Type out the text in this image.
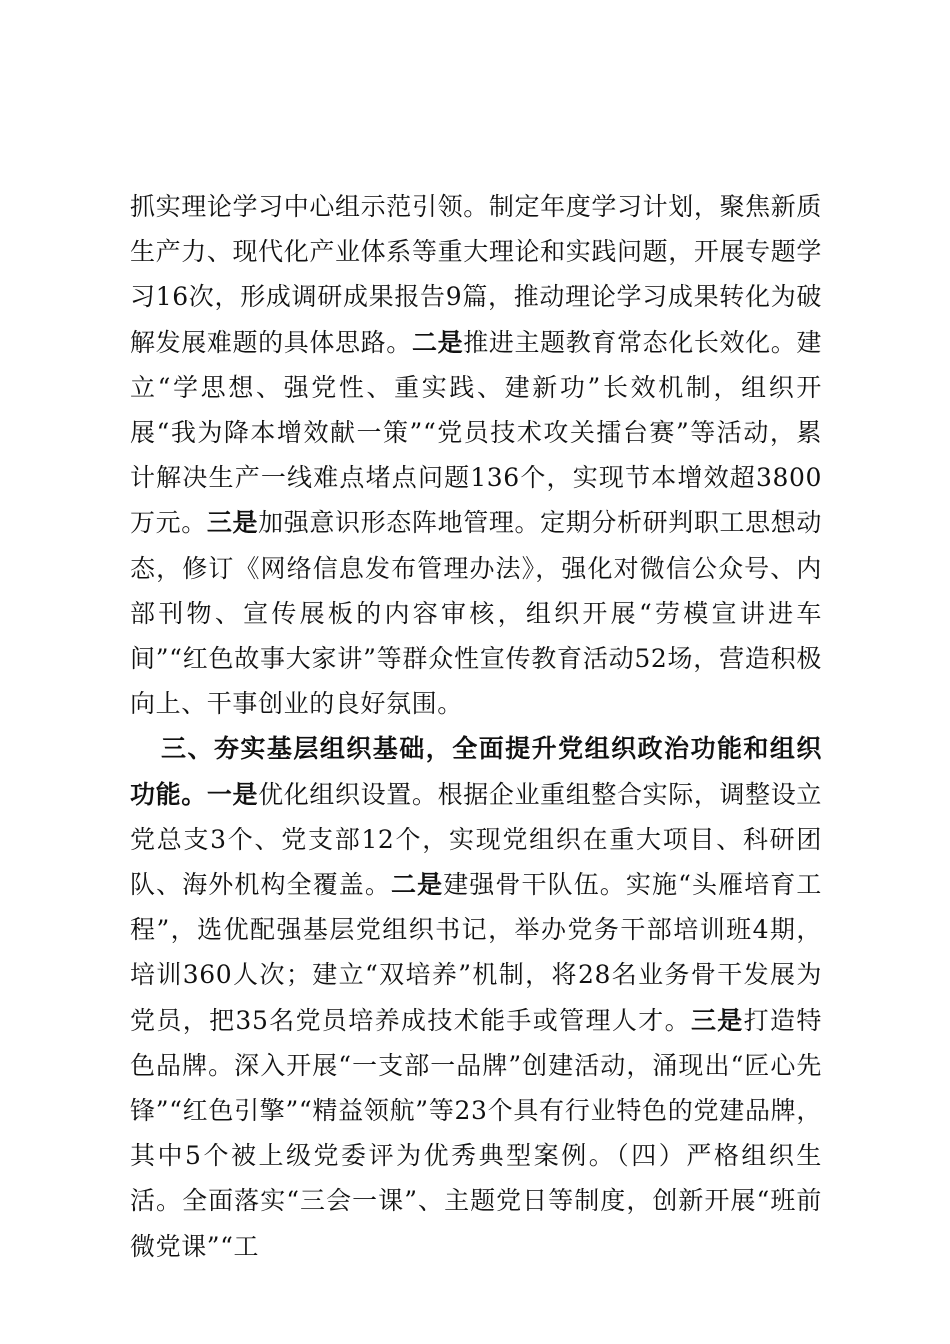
抓实理论学习中心组示范引领。制定年度学习计划，聚焦新质生产力、现代化产业体系等重大理论和实践问题，开展专题学习16次，形成调研成果报告9篇，推动理论学习成果转化为破解发展难题的具体思路。二是推进主题教育常态化长效化。建立“学思想、强党性、重实践、建新功”长效机制，组织开展“我为降本增效献一策”“党员技术攻关擂台赛”等活动，累计解决生产一线难点堵点问题136个，实现节本增效超3800万元。三是加强意识形态阵地管理。定期分析研判职工思想动态，修订《网络信息发布管理办法》，强化对微信公众号、内部刊物、宣传展板的内容审核，组织开展“劳模宣讲进车间”“红色故事大家讲”等群众性宣传教育活动52场，营造积极向上、干事创业的良好氛围。

三、夯实基层组织基础，全面提升党组织政治功能和组织功能。一是优化组织设置。根据企业重组整合实际，调整设立党总支3个、党支部12个，实现党组织在重大项目、科研团队、海外机构全覆盖。二是建强骨干队伍。实施“头雁培育工程”，选优配强基层党组织书记，举办党务干部培训班4期，培训360人次；建立“双培养”机制，将28名业务骨干发展为党员，把35名党员培养成技术能手或管理人才。三是打造特色品牌。深入开展“一支部一品牌”创建活动，涌现出“匠心先锋”“红色引擎”“精益领航”等23个具有行业特色的党建品牌，其中5个被上级党委评为优秀典型案例。（四）严格组织生活。全面落实“三会一课”、主题党日等制度，创新开展“班前微党课”“工
